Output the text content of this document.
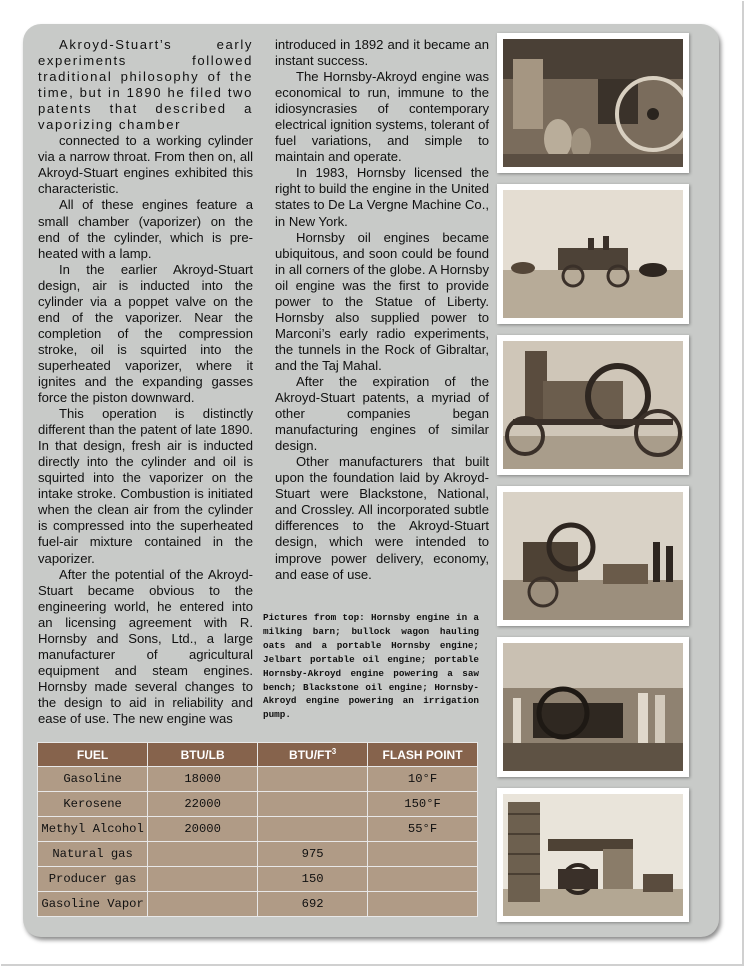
Akroyd-Stuart’s early experiments followed traditional philosophy of the time, but in 1890 he filed two patents that described a vaporizing chamber

connected to a working cylinder via a narrow throat. From then on, all Akroyd-Stuart engines exhibited this characteristic.

All of these engines feature a small chamber (vaporizer) on the end of the cylinder, which is pre-heated with a lamp.

In the earlier Akroyd-Stuart design, air is inducted into the cylinder via a poppet valve on the end of the vaporizer. Near the completion of the compression stroke, oil is squirted into the superheated vaporizer, where it ignites and the expanding gasses force the piston downward.

This operation is distinctly different than the patent of late 1890. In that design, fresh air is inducted directly into the cylinder and oil is squirted into the vaporizer on the intake stroke. Combustion is initiated when the clean air from the cylinder is compressed into the superheated fuel-air mixture contained in the vaporizer.

After the potential of the Akroyd-Stuart became obvious to the engineering world, he entered into an licensing agreement with R. Hornsby and Sons, Ltd., a large manufacturer of agricultural equipment and steam engines. Hornsby made several changes to the design to aid in reliability and ease of use. The new engine was

introduced in 1892 and it became an instant success.

The Hornsby-Akroyd engine was economical to run, immune to the idiosyncrasies of contemporary electrical ignition systems, tolerant of fuel variations, and simple to maintain and operate.

In 1983, Hornsby licensed the right to build the engine in the United states to De La Vergne Machine Co., in New York.

Hornsby oil engines became ubiquitous, and soon could be found in all corners of the globe. A Hornsby oil engine was the first to provide power to the Statue of Liberty. Hornsby also supplied power to Marconi’s early radio experiments, the tunnels in the Rock of Gibraltar, and the Taj Mahal.

After the expiration of the Akroyd-Stuart patents, a myriad of other companies began manufacturing engines of similar design.

Other manufacturers that built upon the foundation laid by Akroyd-Stuart were Blackstone, National, and Crossley. All incorporated subtle differences to the Akroyd-Stuart design, which were intended to improve power delivery, economy, and ease of use.

Pictures from top: Hornsby engine in a milking barn; bullock wagon hauling oats and a portable Hornsby engine; Jelbart portable oil engine; portable Hornsby-Akroyd engine powering a saw bench; Blackstone oil engine; Hornsby-Akroyd engine powering an irrigation pump.
FUEL	BTU/LB	BTU/$FT^3$	FLASH POINT
Gasoline	18000		10°F
Kerosene	22000		150°F
Methyl Alcohol	20000		55°F
Natural gas		975	
Producer gas		150	
Gasoline Vapor		692	
